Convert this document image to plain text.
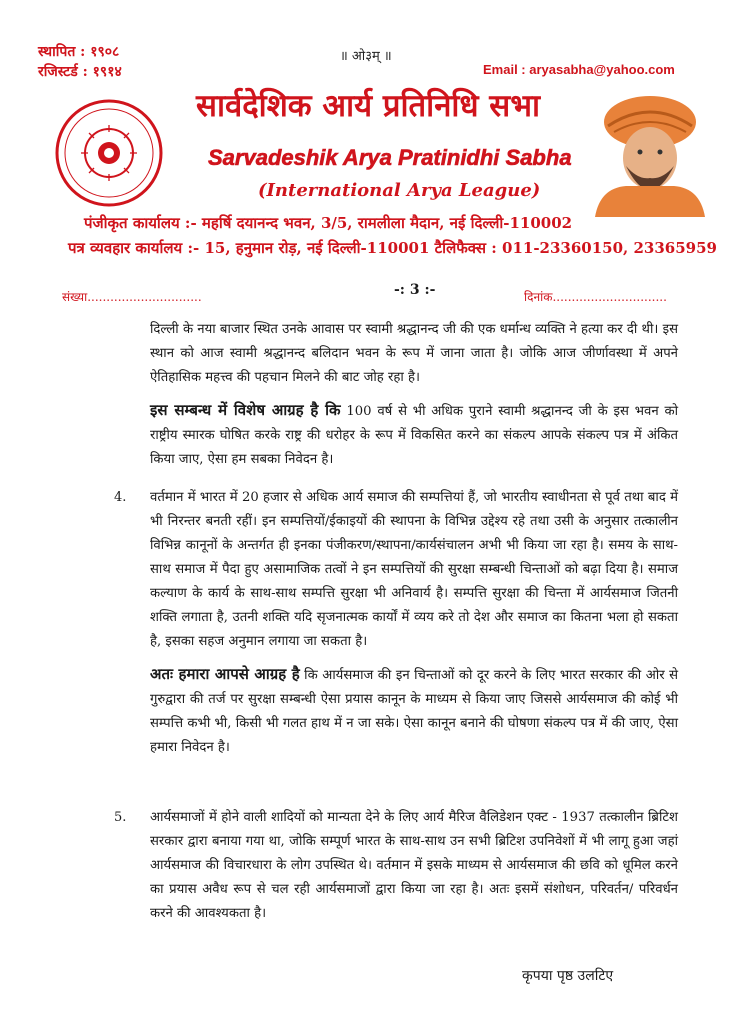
स्थापित : १९०८
रजिस्टर्ड : १९१४
॥ ओ३म् ॥
Email : aryasabha@yahoo.com
सार्वदेशिक आर्य प्रतिनिधि सभा
Sarvadeshik Arya Pratinidhi Sabha
(International Arya League)
पंजीकृत कार्यालय :- महर्षि दयानन्द भवन, 3/5, रामलीला मैदान, नई दिल्ली-110002
पत्र व्यवहार कार्यालय :- 15, हनुमान रोड़, नई दिल्ली-110001 टैलिफैक्स : 011-23360150, 23365959
संख्या..............................	-: 3 :-	दिनांक..............................

दिल्ली के नया बाजार स्थित उनके आवास पर स्वामी श्रद्धानन्द जी की एक धर्मान्ध व्यक्ति ने हत्या कर दी थी। इस स्थान को आज स्वामी श्रद्धानन्द बलिदान भवन के रूप में जाना जाता है। जोकि आज जीर्णावस्था में अपने ऐतिहासिक महत्त्व की पहचान मिलने की बाट जोह रहा है।

इस सम्बन्ध में विशेष आग्रह है कि 100 वर्ष से भी अधिक पुराने स्वामी श्रद्धानन्द जी के इस भवन को राष्ट्रीय स्मारक घोषित करके राष्ट्र की धरोहर के रूप में विकसित करने का संकल्प आपके संकल्प पत्र में अंकित किया जाए, ऐसा हम सबका निवेदन है।

4. वर्तमान में भारत में 20 हजार से अधिक आर्य समाज की सम्पत्तियां हैं, जो भारतीय स्वाधीनता से पूर्व तथा बाद में भी निरन्तर बनती रहीं। इन सम्पत्तियों/ईकाइयों की स्थापना के विभिन्न उद्देश्य रहे तथा उसी के अनुसार तत्कालीन विभिन्न कानूनों के अन्तर्गत ही इनका पंजीकरण/स्थापना/कार्यसंचालन अभी भी किया जा रहा है। समय के साथ-साथ समाज में पैदा हुए असामाजिक तत्वों ने इन सम्पत्तियों की सुरक्षा सम्बन्धी चिन्ताओं को बढ़ा दिया है। समाज कल्याण के कार्य के साथ-साथ सम्पत्ति सुरक्षा भी अनिवार्य है। सम्पत्ति सुरक्षा की चिन्ता में आर्यसमाज जितनी शक्ति लगाता है, उतनी शक्ति यदि सृजनात्मक कार्यों में व्यय करे तो देश और समाज का कितना भला हो सकता है, इसका सहज अनुमान लगाया जा सकता है।

अतः हमारा आपसे आग्रह है कि आर्यसमाज की इन चिन्ताओं को दूर करने के लिए भारत सरकार की ओर से गुरुद्वारा की तर्ज पर सुरक्षा सम्बन्धी ऐसा प्रयास कानून के माध्यम से किया जाए जिससे आर्यसमाज की कोई भी सम्पत्ति कभी भी, किसी भी गलत हाथ में न जा सके। ऐसा कानून बनाने की घोषणा संकल्प पत्र में की जाए, ऐसा हमारा निवेदन है।

5. आर्यसमाजों में होने वाली शादियों को मान्यता देने के लिए आर्य मैरिज वैलिडेशन एक्ट - 1937 तत्कालीन ब्रिटिश सरकार द्वारा बनाया गया था, जोकि सम्पूर्ण भारत के साथ-साथ उन सभी ब्रिटिश उपनिवेशों में भी लागू हुआ जहां आर्यसमाज की विचारधारा के लोग उपस्थित थे। वर्तमान में इसके माध्यम से आर्यसमाज की छवि को धूमिल करने का प्रयास अवैध रूप से चल रही आर्यसमाजों द्वारा किया जा रहा है। अतः इसमें संशोधन, परिवर्तन/ परिवर्धन करने की आवश्यकता है।

कृपया पृष्ठ उलटिए
